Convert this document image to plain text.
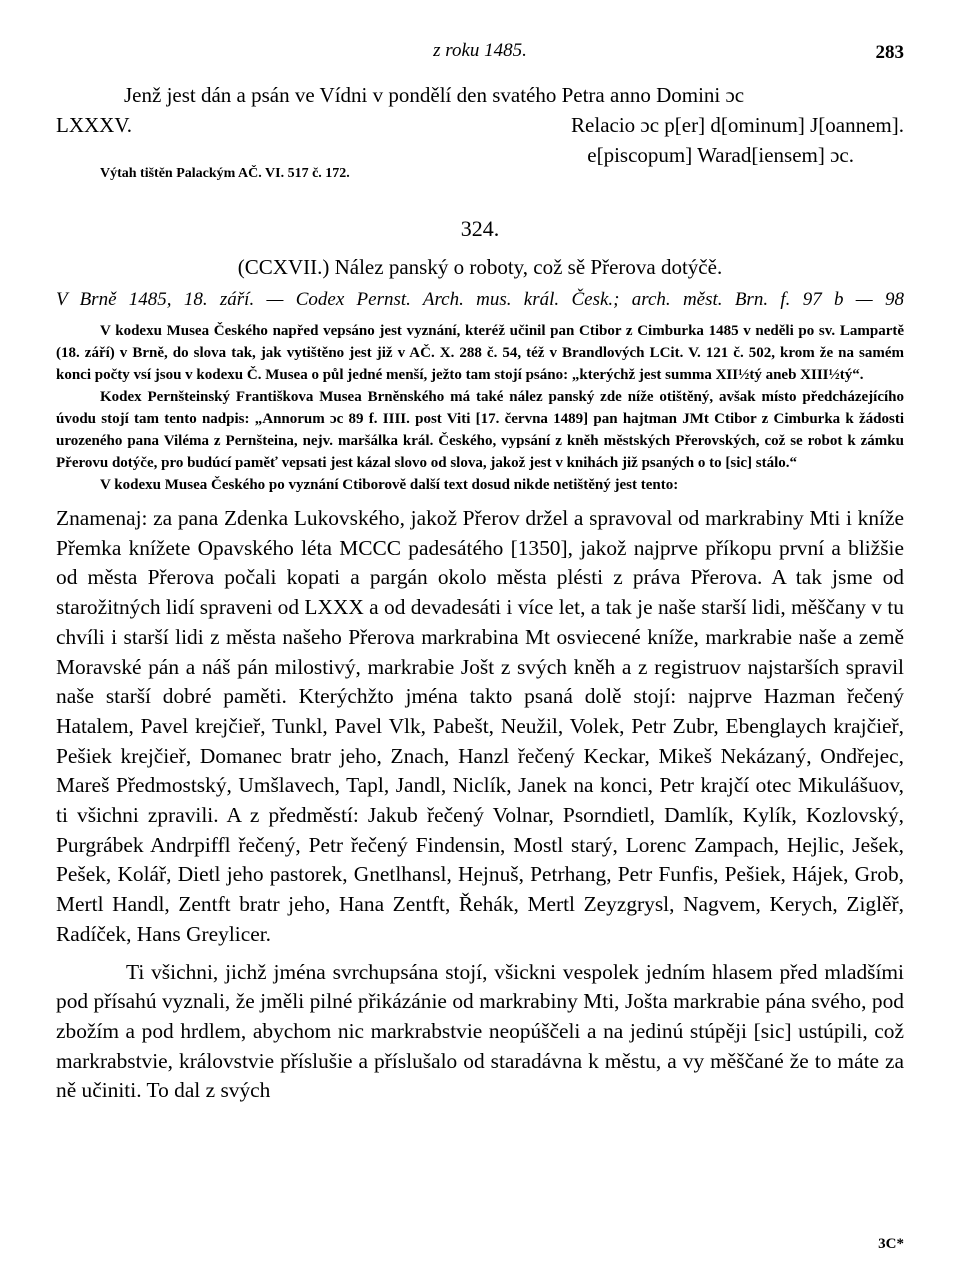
z roku 1485.	283

Jenž jest dán a psán ve Vídni v pondělí den svatého Petra anno Domini ɔc

LXXXV.	Relacio ɔc p[er] d[ominum] J[oannem].

e[piscopum] Warad[iensem] ɔc.

Výtah tištěn Palackým AČ. VI. 517 č. 172.

324.

(CCXVII.) Nález panský o roboty, což sě Přerova dotýčě.

V Brně 1485, 18. září. — Codex Pernst. Arch. mus. král. Česk.; arch. měst. Brn. f. 97 b — 98

V kodexu Musea Českého napřed vepsáno jest vyznání, kteréž učinil pan Ctibor z Cimburka 1485 v neděli po sv. Lampartě (18. září) v Brně, do slova tak, jak vytištěno jest již v AČ. X. 288 č. 54, též v Brandlových LCit. V. 121 č. 502, krom že na samém konci počty vsí jsou v kodexu Č. Musea o půl jedné menší, ježto tam stojí psáno: „kterýchž jest summa XII½tý aneb XIII½tý“.

Kodex Pernšteinský Františkova Musea Brněnského má také nález panský zde níže otištěný, avšak místo předcházejícího úvodu stojí tam tento nadpis: „Annorum ɔc 89 f. IIII. post Viti [17. června 1489] pan hajtman JMt Ctibor z Cimburka k žádosti urozeného pana Viléma z Pernšteina, nejv. maršálka král. Českého, vypsání z kněh městských Přerovských, což se robot k zámku Přerovu dotýče, pro budúcí paměť vepsati jest kázal slovo od slova, jakož jest v knihách již psaných o to [sic] stálo.“

V kodexu Musea Českého po vyznání Ctiborově další text dosud nikde netištěný jest tento:

Znamenaj: za pana Zdenka Lukovského, jakož Přerov držel a spravoval od markrabiny Mti i kníže Přemka knížete Opavského léta MCCC padesátého [1350], jakož najprve příkopu první a bližšie od města Přerova počali kopati a pargán okolo města plésti z práva Přerova. A tak jsme od starožitných lidí spraveni od LXXX a od devadesáti i více let, a tak je naše starší lidi, měščany v tu chvíli i starší lidi z města našeho Přerova markrabina Mt osviecené kníže, markrabie naše a země Moravské pán a náš pán milostivý, markrabie Jošt z svých kněh a z registruov najstarších spravil naše starší dobré paměti. Kterýchžto jména takto psaná dolě stojí: najprve Hazman řečený Hatalem, Pavel krejčieř, Tunkl, Pavel Vlk, Pabešt, Neužil, Volek, Petr Zubr, Ebenglaych krajčieř, Pešiek krejčieř, Domanec bratr jeho, Znach, Hanzl řečený Keckar, Mikeš Nekázaný, Ondřejec, Mareš Předmostský, Umšlavech, Tapl, Jandl, Niclík, Janek na konci, Petr krajčí otec Mikulášuov, ti všichni zpravili. A z předměstí: Jakub řečený Volnar, Psorndietl, Damlík, Kylík, Kozlovský, Purgrábek Andrpiffl řečený, Petr řečený Findensin, Mostl starý, Lorenc Zampach, Hejlic, Ješek, Pešek, Kolář, Dietl jeho pastorek, Gnetlhansl, Hejnuš, Petrhang, Petr Funfis, Pešiek, Hájek, Grob, Mertl Handl, Zentft bratr jeho, Hana Zentft, Řehák, Mertl Zeyzgrysl, Nagvem, Kerych, Ziglěř, Radíček, Hans Greylicer.

Ti všichni, jichž jména svrchupsána stojí, všickni vespolek jedním hlasem před mladšími pod přísahú vyznali, že jměli pilné přikázánie od markrabiny Mti, Jošta markrabie pána svého, pod zbožím a pod hrdlem, abychom nic markrabstvie neopúščeli a na jedinú stúpěji [sic] ustúpili, což markrabstvie, královstvie příslušie a příslušalo od staradávna k městu, a vy měščané že to máte za ně učiniti. To dal z svých

3C*
